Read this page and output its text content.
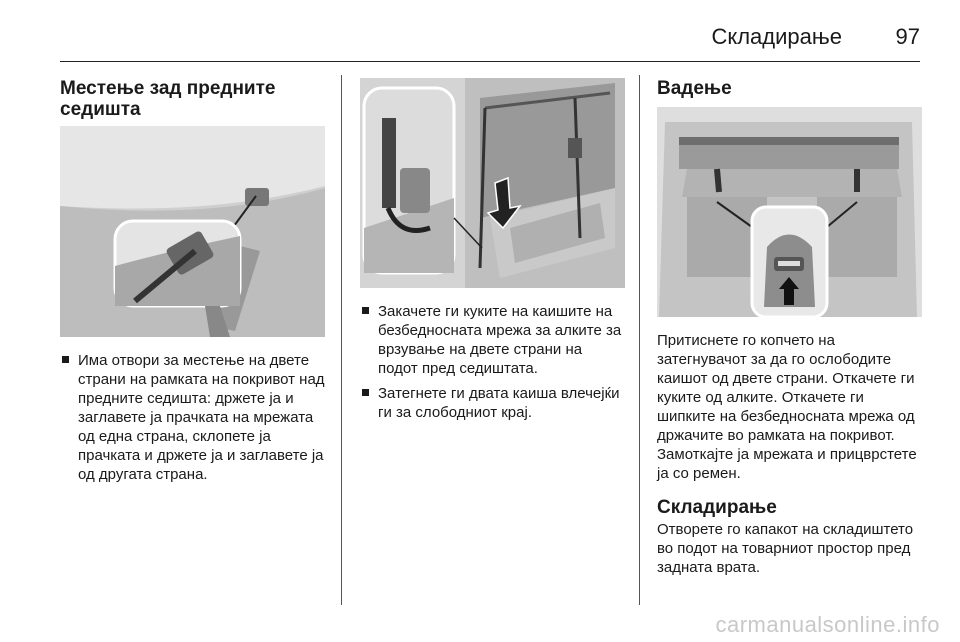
Складирање 97
Местење зад предните седишта
Има отвори за местење на двете страни на рамката на покривот над предните седишта: држете ја и заглавете ја прачката на мрежата од една страна, склопете ја прачката и држете ја и заглавете ја од другата страна.
Закачете ги куките на каишите на безбедносната мрежа за алките за врзување на двете страни на подот пред седиштата.
Затегнете ги двата каиша влечејќи ги за слободниот крај.
Вадење

Притиснете го копчето на затегнувачот за да го ослободите каишот од двете страни. Откачете ги куките од алките. Откачете ги шипките на безбедносната мрежа од држачите во рамката на покривот. Замоткајте ја мрежата и прицврстете ја со ремен.

Складирање

Отворете го капакот на складиштето во подот на товарниот простор пред задната врата.

carmanualsonline.info
